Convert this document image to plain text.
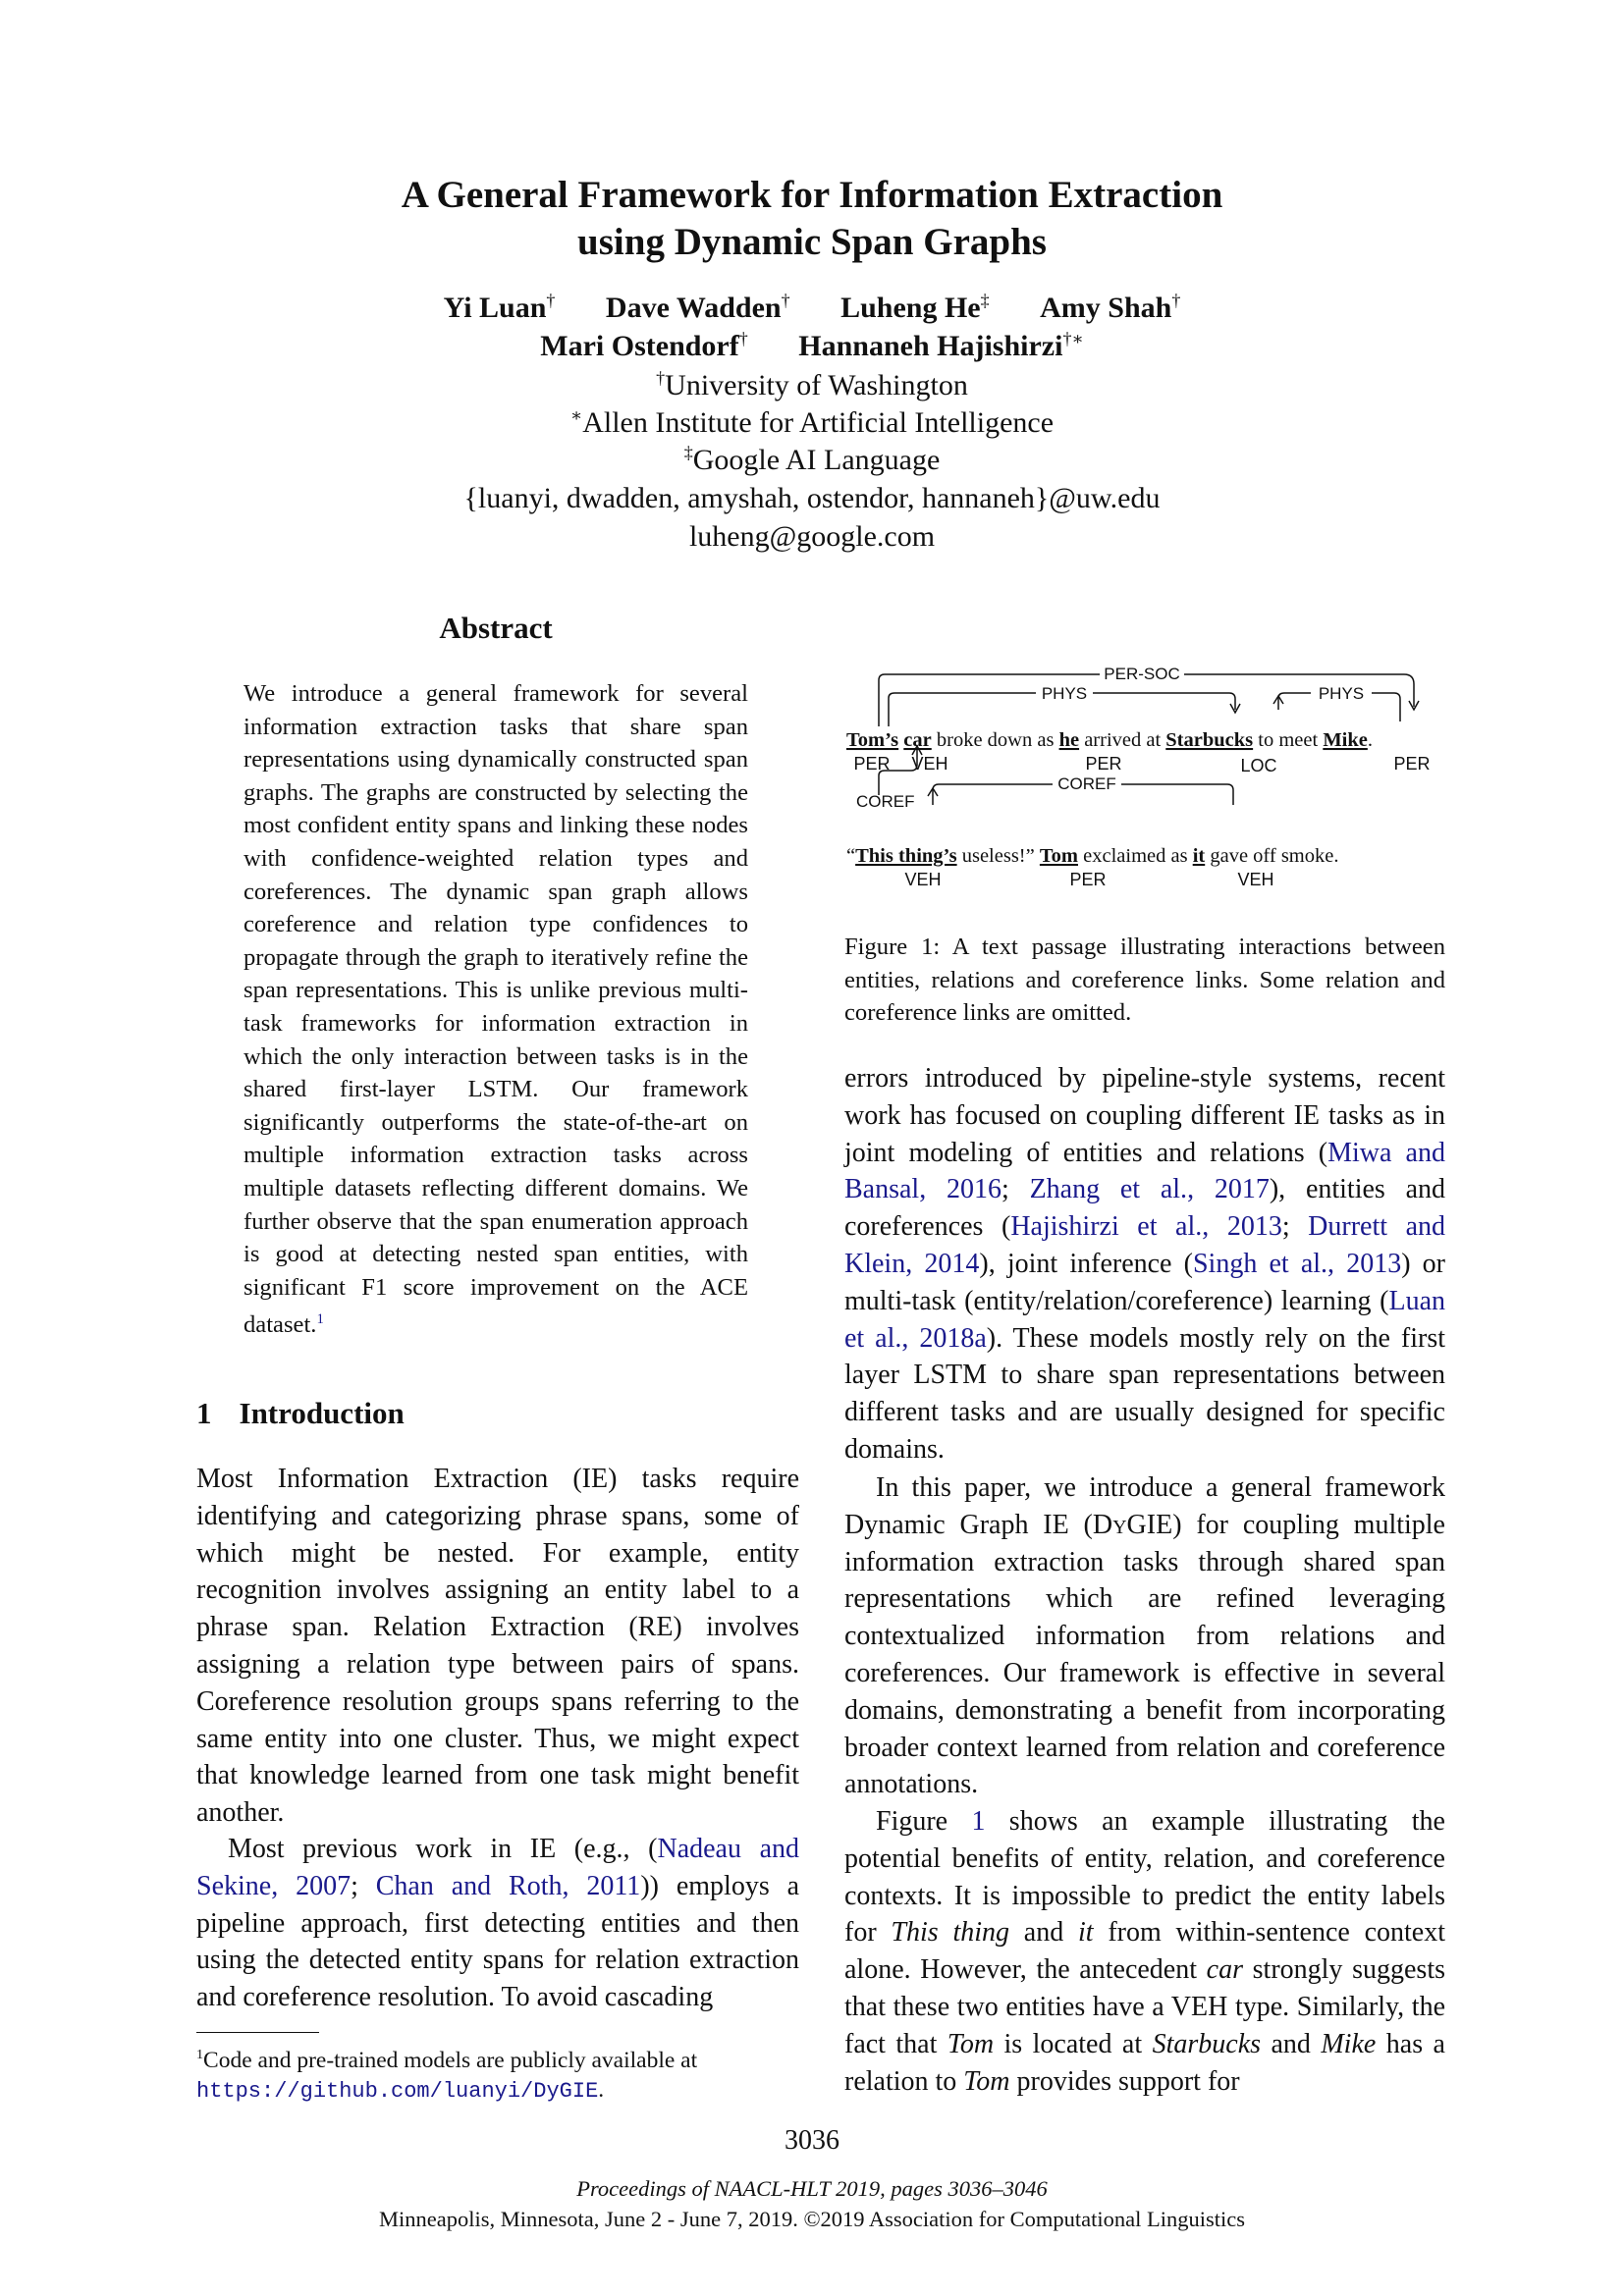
A General Framework for Information Extraction
using Dynamic Span Graphs
Yi Luan† Dave Wadden† Luheng He‡ Amy Shah†
Mari Ostendorf† Hannaneh Hajishirzi†∗
†University of Washington
∗Allen Institute for Artificial Intelligence
‡Google AI Language
{luanyi, dwadden, amyshah, ostendor, hannaneh}@uw.edu
luheng@google.com
Abstract
We introduce a general framework for several information extraction tasks that share span representations using dynamically constructed span graphs. The graphs are constructed by selecting the most confident entity spans and linking these nodes with confidence-weighted relation types and coreferences. The dynamic span graph allows coreference and relation type confidences to propagate through the graph to iteratively refine the span representations. This is unlike previous multi-task frameworks for information extraction in which the only interaction between tasks is in the shared first-layer LSTM. Our framework significantly outperforms the state-of-the-art on multiple information extraction tasks across multiple datasets reflecting different domains. We further observe that the span enumeration approach is good at detecting nested span entities, with significant F1 score improvement on the ACE dataset.$^1$
1 Introduction
Most Information Extraction (IE) tasks require identifying and categorizing phrase spans, some of which might be nested. For example, entity recognition involves assigning an entity label to a phrase span. Relation Extraction (RE) involves assigning a relation type between pairs of spans. Coreference resolution groups spans referring to the same entity into one cluster. Thus, we might expect that knowledge learned from one task might benefit another.
Most previous work in IE (e.g., (Nadeau and Sekine, 2007; Chan and Roth, 2011)) employs a pipeline approach, first detecting entities and then using the detected entity spans for relation extraction and coreference resolution. To avoid cascading
$^1$Code and pre-trained models are publicly available at
https://github.com/luanyi/DyGIE.
PER-SOC
PHYS	PHYS
COREF
COREF
Tom’s car broke down as he arrived at Starbucks to meet Mike.
PER VEH	PER	LOC	PER
“This thing’s useless!” Tom exclaimed as it gave off smoke.
VEH	PER	VEH
Figure 1: A text passage illustrating interactions between entities, relations and coreference links. Some relation and coreference links are omitted.
errors introduced by pipeline-style systems, recent work has focused on coupling different IE tasks as in joint modeling of entities and relations (Miwa and Bansal, 2016; Zhang et al., 2017), entities and coreferences (Hajishirzi et al., 2013; Durrett and Klein, 2014), joint inference (Singh et al., 2013) or multi-task (entity/relation/coreference) learning (Luan et al., 2018a). These models mostly rely on the first layer LSTM to share span representations between different tasks and are usually designed for specific domains.
In this paper, we introduce a general framework Dynamic Graph IE (DyGIE) for coupling multiple information extraction tasks through shared span representations which are refined leveraging contextualized information from relations and coreferences. Our framework is effective in several domains, demonstrating a benefit from incorporating broader context learned from relation and coreference annotations.
Figure 1 shows an example illustrating the potential benefits of entity, relation, and coreference contexts. It is impossible to predict the entity labels for This thing and it from within-sentence context alone. However, the antecedent car strongly suggests that these two entities have a VEH type. Similarly, the fact that Tom is located at Starbucks and Mike has a relation to Tom provides support for
3036
Proceedings of NAACL-HLT 2019, pages 3036–3046
Minneapolis, Minnesota, June 2 - June 7, 2019. ©2019 Association for Computational Linguistics
